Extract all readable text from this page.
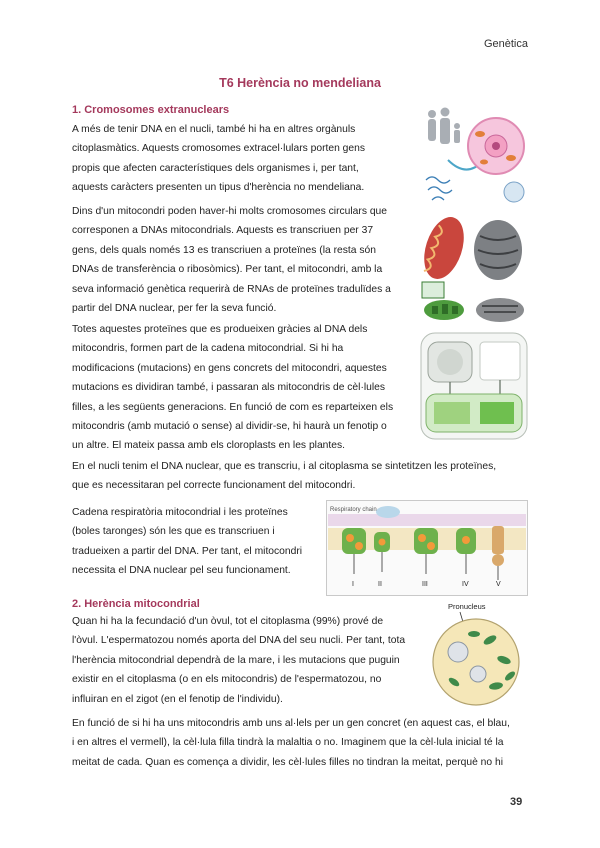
Genètica
T6 Herència no mendeliana
1. Cromosomes extranuclears
A més de tenir DNA en el nucli, també hi ha en altres orgànuls
citoplasmàtics. Aquests cromosomes extracel·lulars porten gens
propis que afecten característiques dels organismes i, per tant,
aquests caràcters presenten un tipus d'herència no mendeliana.
Dins d'un mitocondri poden haver-hi molts cromosomes circulars que
corresponen a DNAs mitocondrials. Aquests es transcriuen per 37
gens, dels quals només 13 es transcriuen a proteïnes (la resta són
DNAs de transferència o ribosòmics). Per tant, el mitocondri, amb la
seva informació genètica requerirà de RNAs de proteïnes tradulïdes a
partir del DNA nuclear, per fer la seva funció.
Totes aquestes proteïnes que es produeixen gràcies al DNA dels
mitocondris, formen part de la cadena mitocondrial. Si hi ha
modificacions (mutacions) en gens concrets del mitocondri, aquestes
mutacions es dividiran també, i passaran als mitocondris de cèl·lules
filles, a les següents generacions. En funció de com es reparteixen els
mitocondris (amb mutació o sense) al dividir-se, hi haurà un fenotip o
un altre. El mateix passa amb els cloroplasts en les plantes.
En el nucli tenim el DNA nuclear, que es transcriu, i al citoplasma se sintetitzen les proteïnes,
que es necessitaran pel correcte funcionament del mitocondri.
Cadena respiratòria mitocondrial i les proteïnes
(boles taronges) són les que es transcriuen i
tradueixen a partir del DNA. Per tant, el mitocondri
necessita el DNA nuclear pel seu funcionament.
2. Herència mitocondrial
Quan hi ha la fecundació d'un òvul, tot el citoplasma (99%) prové de
l'òvul. L'espermatozou només aporta del DNA del seu nucli. Per tant, tota
l'herència mitocondrial dependrà de la mare, i les mutacions que puguin
existir en el citoplasma (o en els mitocondris) de l'espermatozou, no
influiran en el zigot (en el fenotip de l'individu).
En funció de si hi ha uns mitocondris amb uns al·lels per un gen concret (en aquest cas, el blau,
i en altres el vermell), la cèl·lula filla tindrà la malaltia o no. Imaginem que la cèl·lula inicial té la
meitat de cada. Quan es comença a dividir, les cèl·lules filles no tindran la meitat, perquè no hi
Respiratory chain
I	II	III	IV	V
Pronucleus
39
